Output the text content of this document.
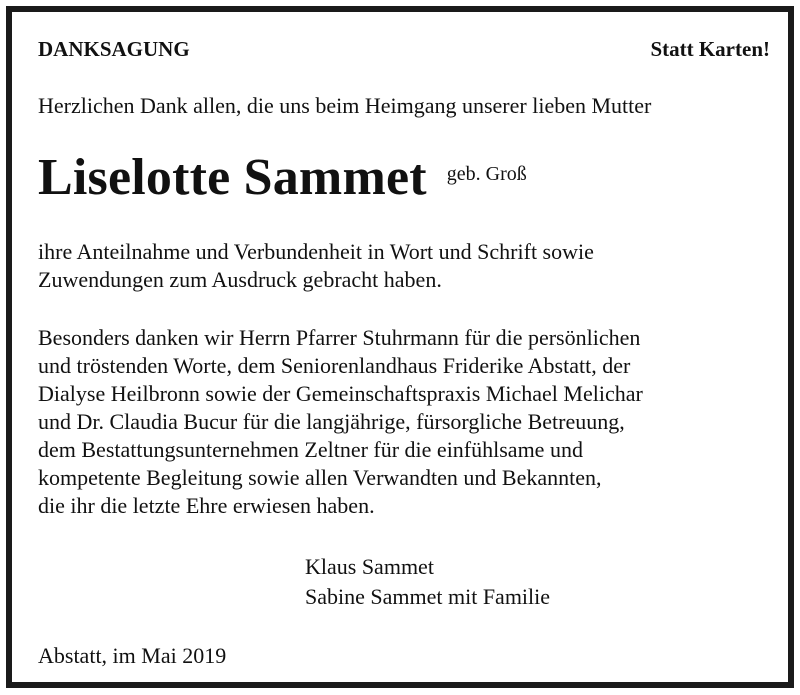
DANKSAGUNG	Statt Karten!
Herzlichen Dank allen, die uns beim Heimgang unserer lieben Mutter
Liselotte Sammet geb. Groß

ihre Anteilnahme und Verbundenheit in Wort und Schrift sowie
Zuwendungen zum Ausdruck gebracht haben.

Besonders danken wir Herrn Pfarrer Stuhrmann für die persönlichen
und tröstenden Worte, dem Seniorenlandhaus Friderike Abstatt, der
Dialyse Heilbronn sowie der Gemeinschaftspraxis Michael Melichar
und Dr. Claudia Bucur für die langjährige, fürsorgliche Betreuung,
dem Bestattungsunternehmen Zeltner für die einfühlsame und
kompetente Begleitung sowie allen Verwandten und Bekannten,
die ihr die letzte Ehre erwiesen haben.

Klaus Sammet
Sabine Sammet mit Familie
Abstatt, im Mai 2019
